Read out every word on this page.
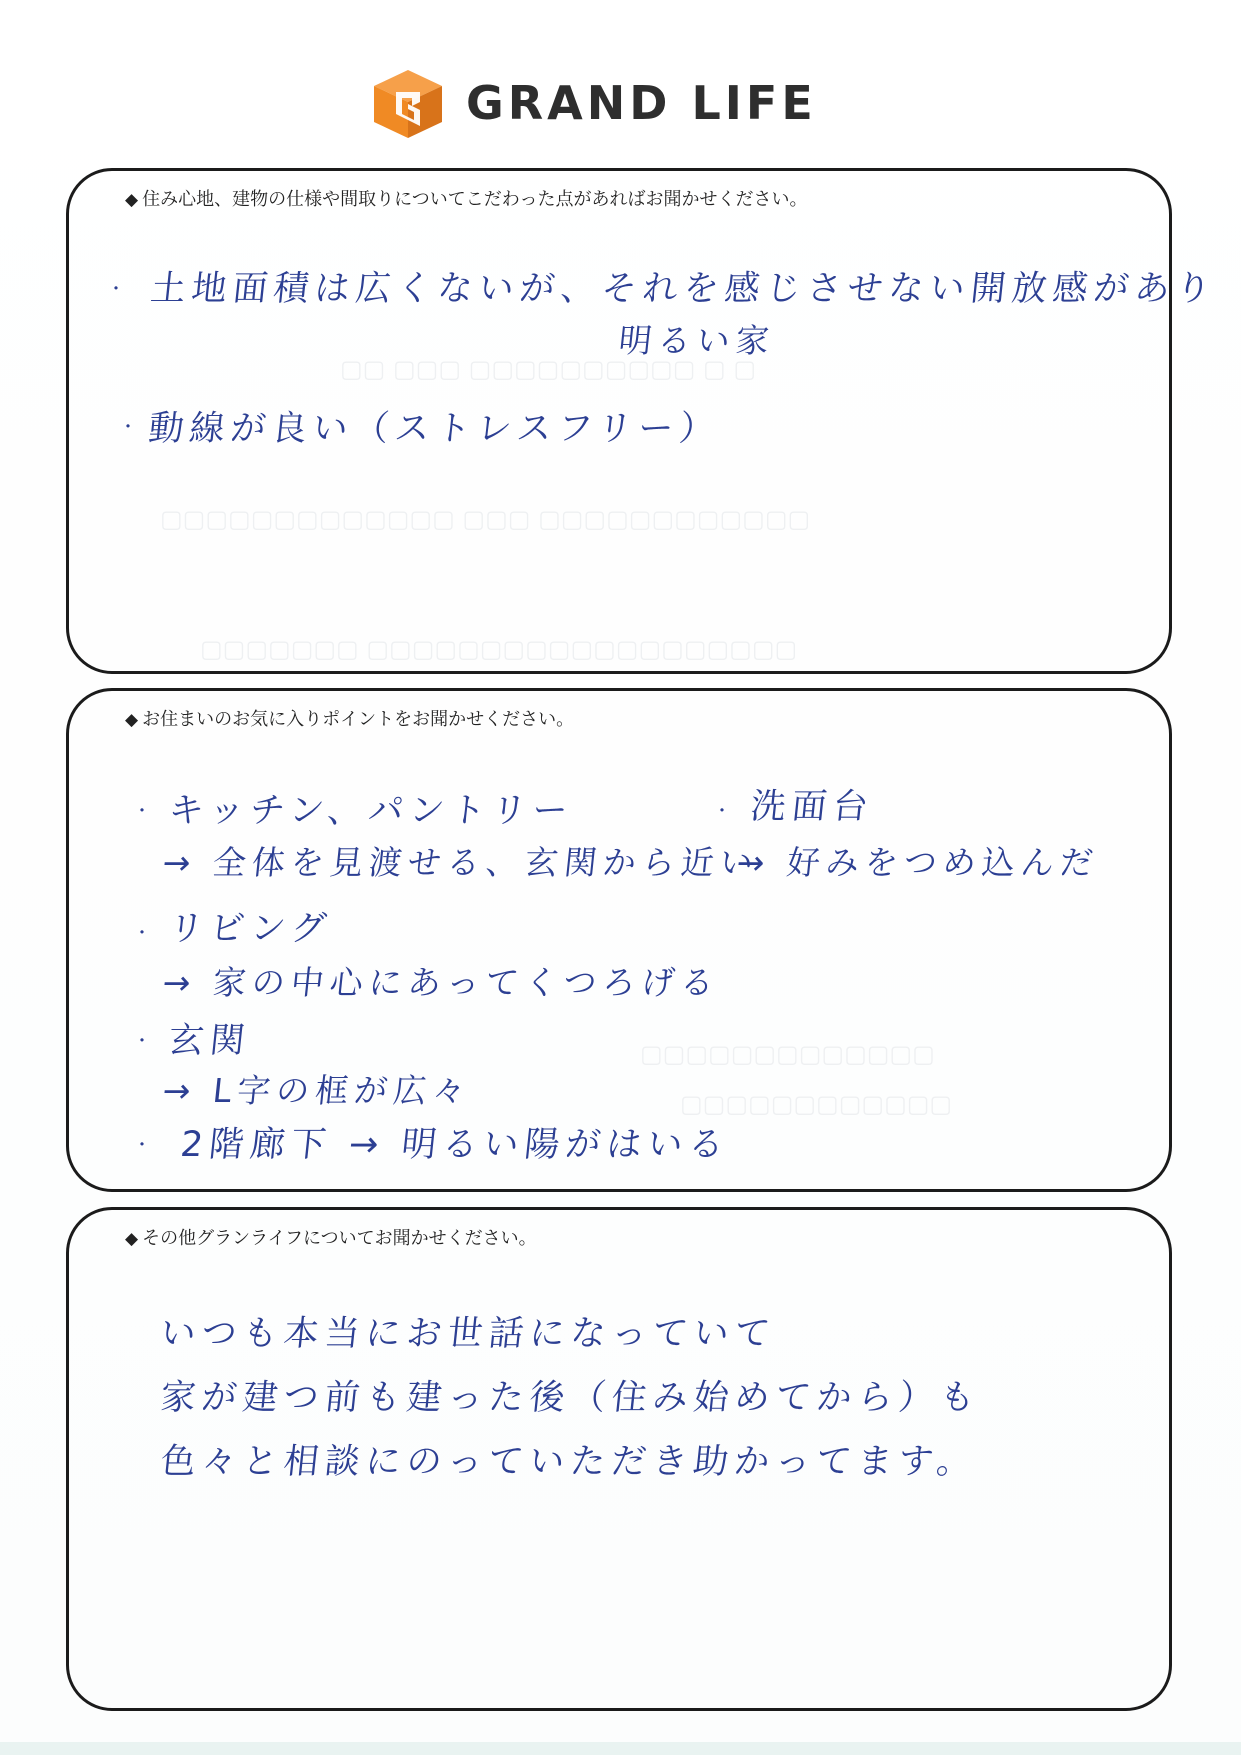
GRAND LIFE
▢▢ ▢▢▢ ▢▢▢▢▢▢▢▢▢▢ ▢ ▢
▢▢▢▢▢▢▢▢▢▢▢▢▢ ▢▢▢ ▢▢▢▢▢▢▢▢▢▢▢▢
▢▢▢▢▢▢▢ ▢▢▢▢▢▢▢▢▢▢▢▢▢▢▢▢▢▢▢
▢▢▢▢▢▢▢▢▢▢▢▢▢
▢▢▢▢▢▢▢▢▢▢▢▢
◆ 住み心地、建物の仕様や間取りについてこだわった点があればお聞かせください。
・ 土地面積は広くないが、それを感じさせない開放感があり
明るい家
・ 動線が良い（ストレスフリー）
◆ お住まいのお気に入りポイントをお聞かせください。
・ キッチン、パントリー
→ 全体を見渡せる、玄関から近い
・ リビング
→ 家の中心にあってくつろげる
・ 玄関
→ L字の框が広々
・ 2階廊下 → 明るい陽がはいる
・ 洗面台
→ 好みをつめ込んだ
◆ その他グランライフについてお聞かせください。
いつも本当にお世話になっていて
家が建つ前も建った後（住み始めてから）も
色々と相談にのっていただき助かってます。
